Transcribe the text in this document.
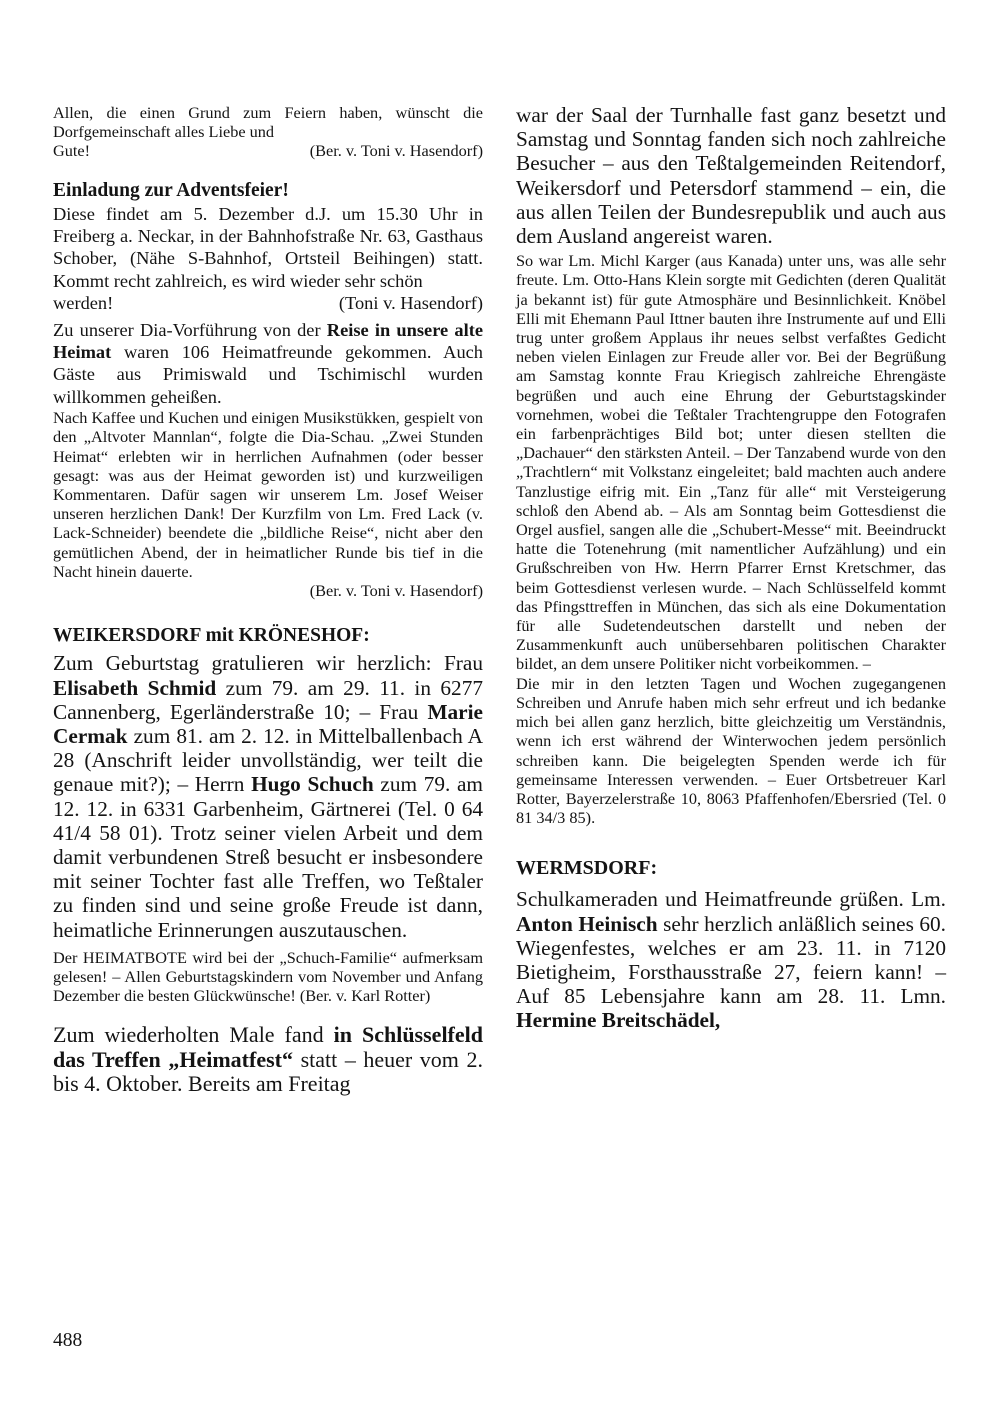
Allen, die einen Grund zum Feiern haben, wünscht die Dorfgemeinschaft alles Liebe und

Gute!	(Ber. v. Toni v. Hasendorf)
Einladung zur Adventsfeier!

Diese findet am 5. Dezember d.J. um 15.30 Uhr in Freiberg a. Neckar, in der Bahnhofstraße Nr. 63, Gasthaus Schober, (Nähe S-Bahnhof, Ortsteil Beihingen) statt. Kommt recht zahlreich, es wird wieder sehr schön

werden!	(Toni v. Hasendorf)

Zu unserer Dia-Vorführung von der Reise in unsere alte Heimat waren 106 Heimatfreunde gekommen. Auch Gäste aus Primiswald und Tschimischl wurden willkommen geheißen.

Nach Kaffee und Kuchen und einigen Musikstükken, gespielt von den „Altvoter Mannlan“, folgte die Dia-Schau. „Zwei Stunden Heimat“ erlebten wir in herrlichen Aufnahmen (oder besser gesagt: was aus der Heimat geworden ist) und kurzweiligen Kommentaren. Dafür sagen wir unserem Lm. Josef Weiser unseren herzlichen Dank! Der Kurzfilm von Lm. Fred Lack (v. Lack-Schneider) beendete die „bildliche Reise“, nicht aber den gemütlichen Abend, der in heimatlicher Runde bis tief in die Nacht hinein dauerte.

(Ber. v. Toni v. Hasendorf)

WEIKERSDORF mit KRÖNESHOF:

Zum Geburtstag gratulieren wir herzlich: Frau Elisabeth Schmid zum 79. am 29. 11. in 6277 Cannenberg, Egerländerstraße 10; – Frau Marie Cermak zum 81. am 2. 12. in Mittelballenbach A 28 (Anschrift leider unvollständig, wer teilt die genaue mit?); – Herrn Hugo Schuch zum 79. am 12. 12. in 6331 Garbenheim, Gärtnerei (Tel. 0 64 41/4 58 01). Trotz seiner vielen Arbeit und dem damit verbundenen Streß besucht er insbesondere mit seiner Tochter fast alle Treffen, wo Teßtaler zu finden sind und seine große Freude ist dann, heimatliche Erinnerungen auszutauschen.

Der HEIMATBOTE wird bei der „Schuch-Familie“ aufmerksam gelesen! – Allen Geburtstagskindern vom November und Anfang Dezember die besten Glückwünsche! (Ber. v. Karl Rotter)

Zum wiederholten Male fand in Schlüsselfeld das Treffen „Heimatfest“ statt – heuer vom 2. bis 4. Oktober. Bereits am Freitag

war der Saal der Turnhalle fast ganz besetzt und Samstag und Sonntag fanden sich noch zahlreiche Besucher – aus den Teßtalgemeinden Reitendorf, Weikersdorf und Petersdorf stammend – ein, die aus allen Teilen der Bundesrepublik und auch aus dem Ausland angereist waren.

So war Lm. Michl Karger (aus Kanada) unter uns, was alle sehr freute. Lm. Otto-Hans Klein sorgte mit Gedichten (deren Qualität ja bekannt ist) für gute Atmosphäre und Besinnlichkeit. Knöbel Elli mit Ehemann Paul Ittner bauten ihre Instrumente auf und Elli trug unter großem Applaus ihr neues selbst verfaßtes Gedicht neben vielen Einlagen zur Freude aller vor. Bei der Begrüßung am Samstag konnte Frau Kriegisch zahlreiche Ehrengäste begrüßen und auch eine Ehrung der Geburtstagskinder vornehmen, wobei die Teßtaler Trachtengruppe den Fotografen ein farbenprächtiges Bild bot; unter diesen stellten die „Dachauer“ den stärksten Anteil. – Der Tanzabend wurde von den „Trachtlern“ mit Volkstanz eingeleitet; bald machten auch andere Tanzlustige eifrig mit. Ein „Tanz für alle“ mit Versteigerung schloß den Abend ab. – Als am Sonntag beim Gottesdienst die Orgel ausfiel, sangen alle die „Schubert-Messe“ mit. Beeindruckt hatte die Totenehrung (mit namentlicher Aufzählung) und ein Grußschreiben von Hw. Herrn Pfarrer Ernst Kretschmer, das beim Gottesdienst verlesen wurde. – Nach Schlüsselfeld kommt das Pfingsttreffen in München, das sich als eine Dokumentation für alle Sudetendeutschen darstellt und neben der Zusammenkunft auch unübersehbaren politischen Charakter bildet, an dem unsere Politiker nicht vorbeikommen. –

Die mir in den letzten Tagen und Wochen zugegangenen Schreiben und Anrufe haben mich sehr erfreut und ich bedanke mich bei allen ganz herzlich, bitte gleichzeitig um Verständnis, wenn ich erst während der Winterwochen jedem persönlich schreiben kann. Die beigelegten Spenden werde ich für gemeinsame Interessen verwenden. – Euer Ortsbetreuer Karl Rotter, Bayerzelerstraße 10, 8063 Pfaffenhofen/Ebersried (Tel. 0 81 34/3 85).

WERMSDORF:

Schulkameraden und Heimatfreunde grüßen. Lm. Anton Heinisch sehr herzlich anläßlich seines 60. Wiegenfestes, welches er am 23. 11. in 7120 Bietigheim, Forsthausstraße 27, feiern kann! – Auf 85 Lebensjahre kann am 28. 11. Lmn. Hermine Breitschädel,

488
